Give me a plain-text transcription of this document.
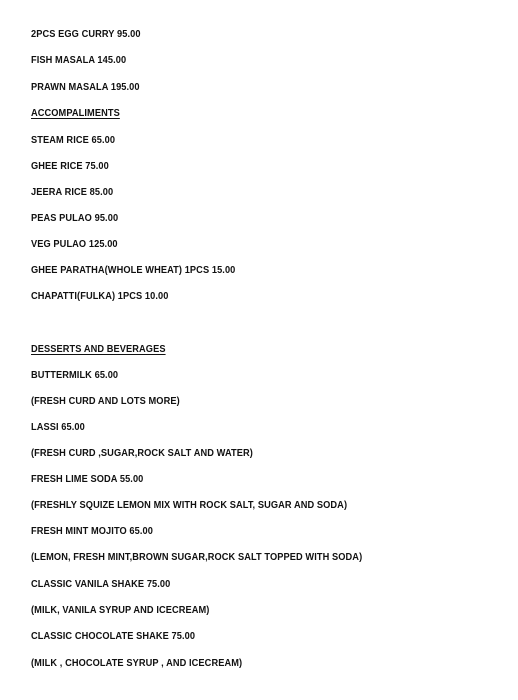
2PCS EGG CURRY 95.00
FISH MASALA 145.00
PRAWN MASALA 195.00
ACCOMPALIMENTS
STEAM RICE 65.00
GHEE RICE 75.00
JEERA RICE 85.00
PEAS PULAO 95.00
VEG PULAO 125.00
GHEE PARATHA(WHOLE WHEAT) 1PCS 15.00
CHAPATTI(FULKA) 1PCS 10.00
DESSERTS AND BEVERAGES
BUTTERMILK 65.00
(FRESH CURD AND LOTS MORE)
LASSI 65.00
(FRESH CURD ,SUGAR,ROCK SALT AND WATER)
FRESH LIME SODA 55.00
(FRESHLY SQUIZE LEMON MIX WITH ROCK SALT, SUGAR AND SODA)
FRESH MINT MOJITO 65.00
(LEMON, FRESH MINT,BROWN SUGAR,ROCK SALT TOPPED WITH SODA)
CLASSIC VANILA SHAKE 75.00
(MILK, VANILA SYRUP AND ICECREAM)
CLASSIC CHOCOLATE SHAKE 75.00
(MILK , CHOCOLATE SYRUP , AND ICECREAM)
